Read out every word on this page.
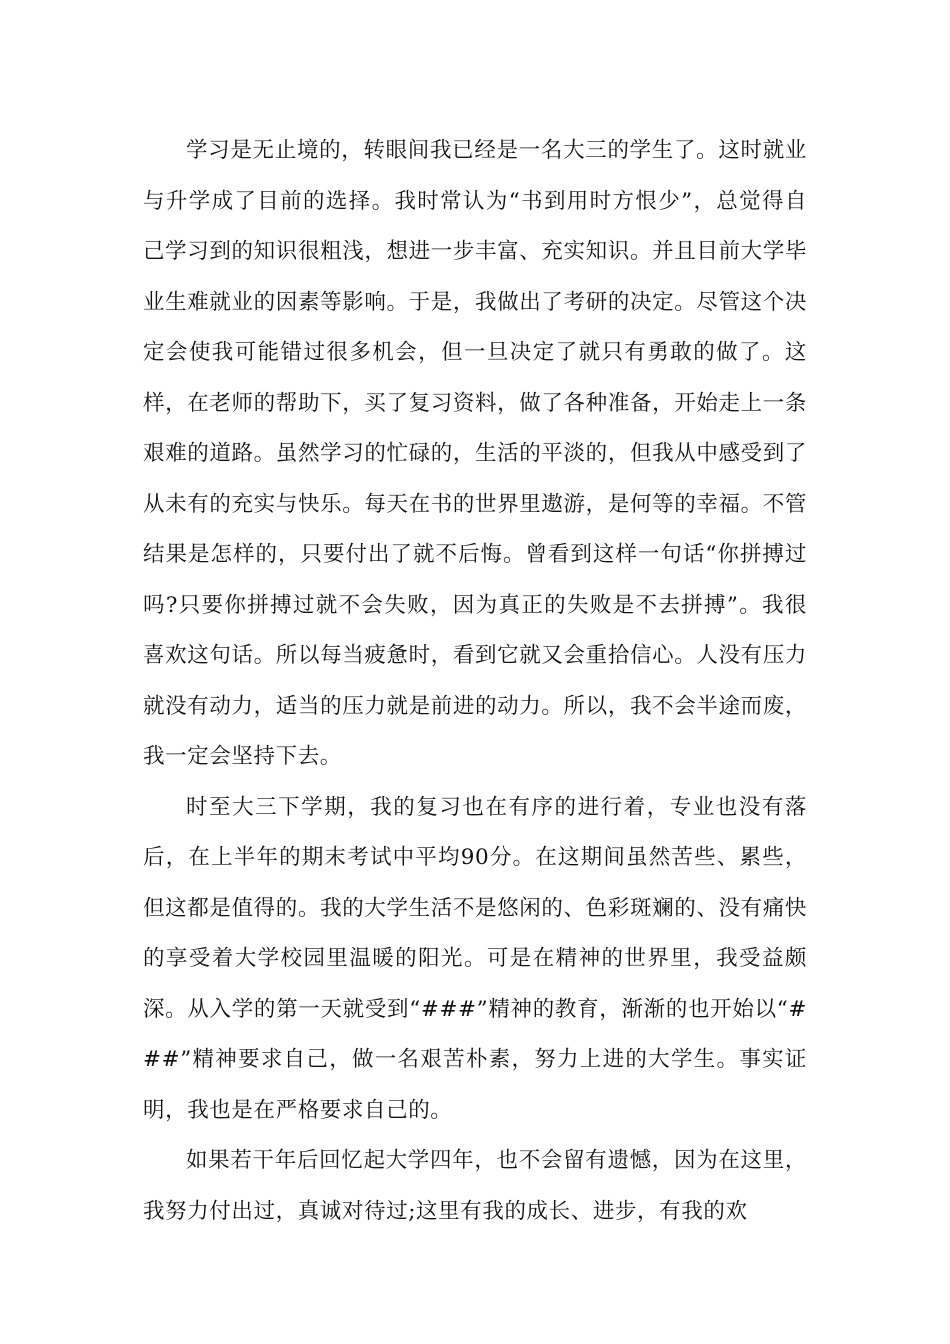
学习是无止境的，转眼间我已经是一名大三的学生了。这时就业与升学成了目前的选择。我时常认为“书到用时方恨少”，总觉得自己学习到的知识很粗浅，想进一步丰富、充实知识。并且目前大学毕业生难就业的因素等影响。于是，我做出了考研的决定。尽管这个决定会使我可能错过很多机会，但一旦决定了就只有勇敢的做了。这样，在老师的帮助下，买了复习资料，做了各种准备，开始走上一条艰难的道路。虽然学习的忙碌的，生活的平淡的，但我从中感受到了从未有的充实与快乐。每天在书的世界里遨游，是何等的幸福。不管结果是怎样的，只要付出了就不后悔。曾看到这样一句话“你拼搏过吗?只要你拼搏过就不会失败，因为真正的失败是不去拼搏”。我很喜欢这句话。所以每当疲惫时，看到它就又会重拾信心。人没有压力就没有动力，适当的压力就是前进的动力。所以，我不会半途而废，我一定会坚持下去。

时至大三下学期，我的复习也在有序的进行着，专业也没有落后，在上半年的期末考试中平均90分。在这期间虽然苦些、累些，但这都是值得的。我的大学生活不是悠闲的、色彩斑斓的、没有痛快的享受着大学校园里温暖的阳光。可是在精神的世界里，我受益颇深。从入学的第一天就受到“###”精神的教育，渐渐的也开始以“###”精神要求自己，做一名艰苦朴素，努力上进的大学生。事实证明，我也是在严格要求自己的。

如果若干年后回忆起大学四年，也不会留有遗憾，因为在这里，我努力付出过，真诚对待过;这里有我的成长、进步，有我的欢
